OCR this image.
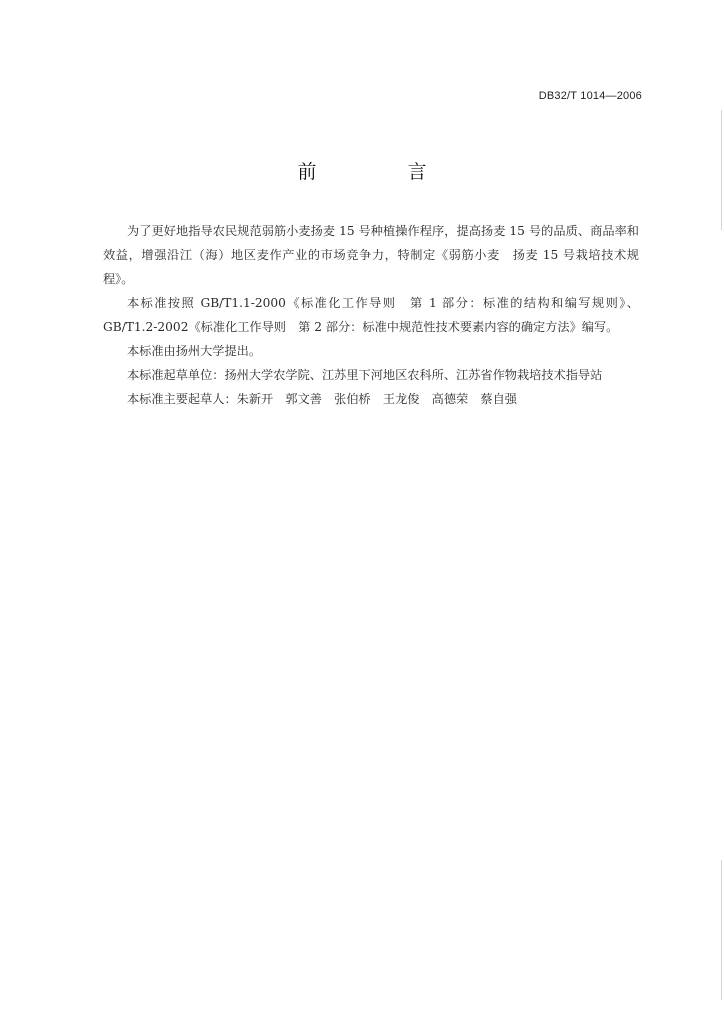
DB32/T 1014—2006
前　言

为了更好地指导农民规范弱筋小麦扬麦 15 号种植操作程序，提高扬麦 15 号的品质、商品率和效益，增强沿江（海）地区麦作产业的市场竞争力，特制定《弱筋小麦　扬麦 15 号栽培技术规程》。

本标准按照 GB/T1.1-2000《标准化工作导则　第 1 部分：标准的结构和编写规则》、GB/T1.2-2002《标准化工作导则　第 2 部分：标准中规范性技术要素内容的确定方法》编写。

本标准由扬州大学提出。

本标准起草单位：扬州大学农学院、江苏里下河地区农科所、江苏省作物栽培技术指导站

本标准主要起草人：朱新开　郭文善　张伯桥　王龙俊　高德荣　蔡自强
